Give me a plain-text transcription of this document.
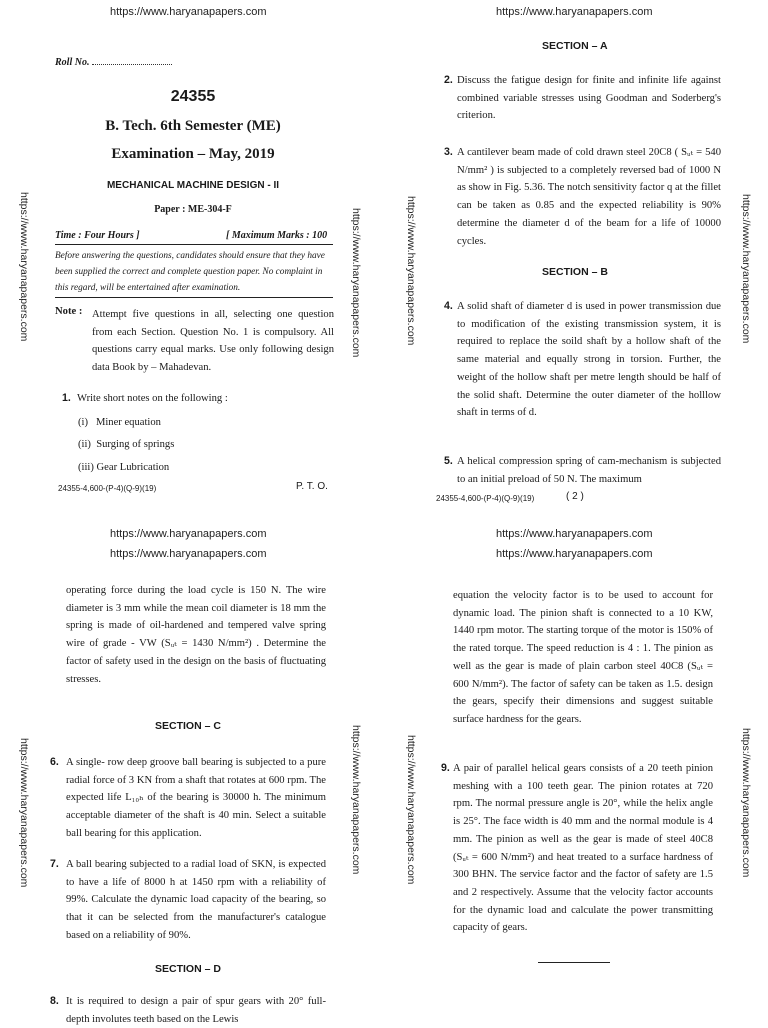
https://www.haryanapapers.com	https://www.haryanapapers.com
https://www.haryanapapers.com	https://www.haryanapapers.com
https://www.haryanapapers.com	https://www.haryanapapers.com
https://www.haryanapapers.com	https://www.haryanapapers.com	https://www.haryanapapers.com	https://www.haryanapapers.com
https://www.haryanapapers.com	https://www.haryanapapers.com	https://www.haryanapapers.com	https://www.haryanapapers.com
Roll No.
24355
B. Tech. 6th Semester (ME)
Examination – May, 2019
MECHANICAL MACHINE DESIGN - II
Paper : ME-304-F
Time : Four Hours ]	[ Maximum Marks : 100
Before answering the questions, candidates should ensure that they have been supplied the correct and complete question paper. No complaint in this regard, will be entertained after examination.
Note : Attempt five questions in all, selecting one question from each Section. Question No. 1 is compulsory. All questions carry equal marks. Use only following design data Book by – Mahadevan.
1. Write short notes on the following :
(i)   Miner equation
(ii)  Surging of springs
(iii) Gear Lubrication
24355-4,600-(P-4)(Q-9)(19)	P. T. O.
SECTION – A
2. Discuss the fatigue design for finite and infinite life against combined variable stresses using Goodman and Soderberg's criterion.
3. A cantilever beam made of cold drawn steel 20C8 ( Sᵤₜ = 540 N/mm² ) is subjected to a completely reversed bad of 1000 N as show in Fig. 5.36. The notch sensitivity factor q at the fillet can be taken as 0.85 and the expected reliability is 90% determine the diameter d of the beam for a life of 10000 cycles.
SECTION – B
4. A solid shaft of diameter d is used in power transmission due to modification of the existing transmission system, it is required to replace the soild shaft by a hollow shaft of the same material and equally strong in torsion. Further, the weight of the hollow shaft per metre length should be half of the solid shaft. Determine the outer diameter of the holllow shaft in terms of d.
5. A helical compression spring of cam-mechanism is subjected to an initial preload of 50 N. The maximum
24355-4,600-(P-4)(Q-9)(19)	( 2 )
operating force during the load cycle is 150 N. The wire diameter is 3 mm while the mean coil diameter is 18 mm the spring is made of oil-hardened and tempered valve spring wire of grade - VW (Sᵤₜ = 1430 N/mm²) . Determine the factor of safety used in the design on the basis of fluctuating stresses.
SECTION – C
6. A single- row deep groove ball bearing is subjected to a pure radial force of 3 KN from a shaft that rotates at 600 rpm. The expected life L₁₀ₕ of the bearing is 30000 h. The minimum acceptable diameter of the shaft is 40 min. Select a suitable ball bearing for this application.
7. A ball bearing subjected to a radial load of SKN, is expected to have a life of 8000 h at 1450 rpm with a reliability of 99%. Calculate the dynamic load capacity of the bearing, so that it can be selected from the manufacturer's catalogue based on a reliability of 90%.
SECTION – D
8. It is required to design a pair of spur gears with 20° full-depth involutes teeth based on the Lewis
equation the velocity factor is to be used to account for dynamic load. The pinion shaft is connected to a 10 KW, 1440 rpm motor. The starting torque of the motor is 150% of the rated torque. The speed reduction is 4 : 1. The pinion as well as the gear is made of plain carbon steel 40C8 (Sᵤₜ = 600 N/mm²). The factor of safety can be taken as 1.5. design the gears, specify their dimensions and suggest suitable surface hardness for the gears.
9. A pair of parallel helical gears consists of a 20 teeth pinion meshing with a 100 teeth gear. The pinion rotates at 720 rpm. The normal pressure angle is 20°, while the helix angle is 25°. The face width is 40 mm and the normal module is 4 mm. The pinion as well as the gear is made of steel 40C8 (Sᵤₜ = 600 N/mm²) and heat treated to a surface hardness of 300 BHN. The service factor and the factor of safety are 1.5 and 2 respectively. Assume that the velocity factor accounts for the dynamic load and calculate the power transmitting capacity of gears.
